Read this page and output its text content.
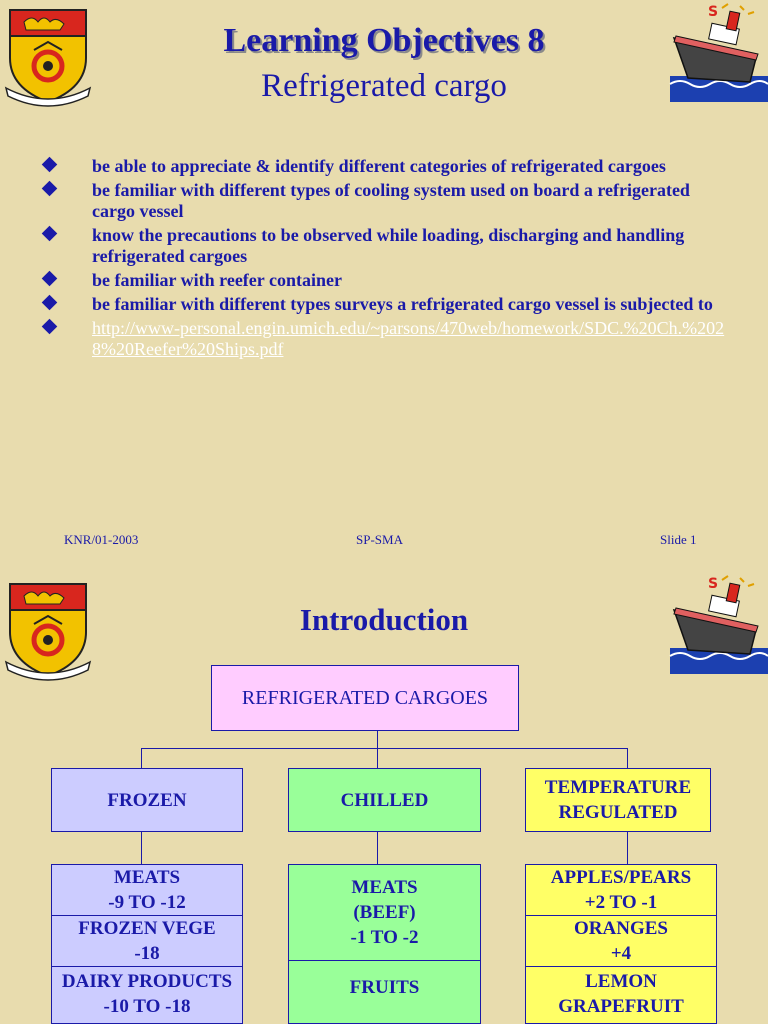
S
Learning Objectives 8
Refrigerated cargo
be able to appreciate & identify different categories of refrigerated cargoes
be familiar with different types of cooling system used on board a refrigerated cargo vessel
know the precautions to be observed while loading, discharging and handling refrigerated cargoes
be familiar with reefer container
be familiar with different types surveys a refrigerated cargo vessel is subjected to
http://www-personal.engin.umich.edu/~parsons/470web/homework/SDC.%20Ch.%2028%20Reefer%20Ships.pdf
KNR/01-2003	SP-SMA	Slide 1
S
Introduction
REFRIGERATED CARGOES
FROZEN	CHILLED
TEMPERATURE
REGULATED
MEATS
-9 TO -12
FROZEN VEGE
-18
DAIRY PRODUCTS
-10 TO -18
MEATS
(BEEF)
-1 TO -2
FRUITS
APPLES/PEARS
+2 TO -1
ORANGES
+4
LEMON
GRAPEFRUIT
